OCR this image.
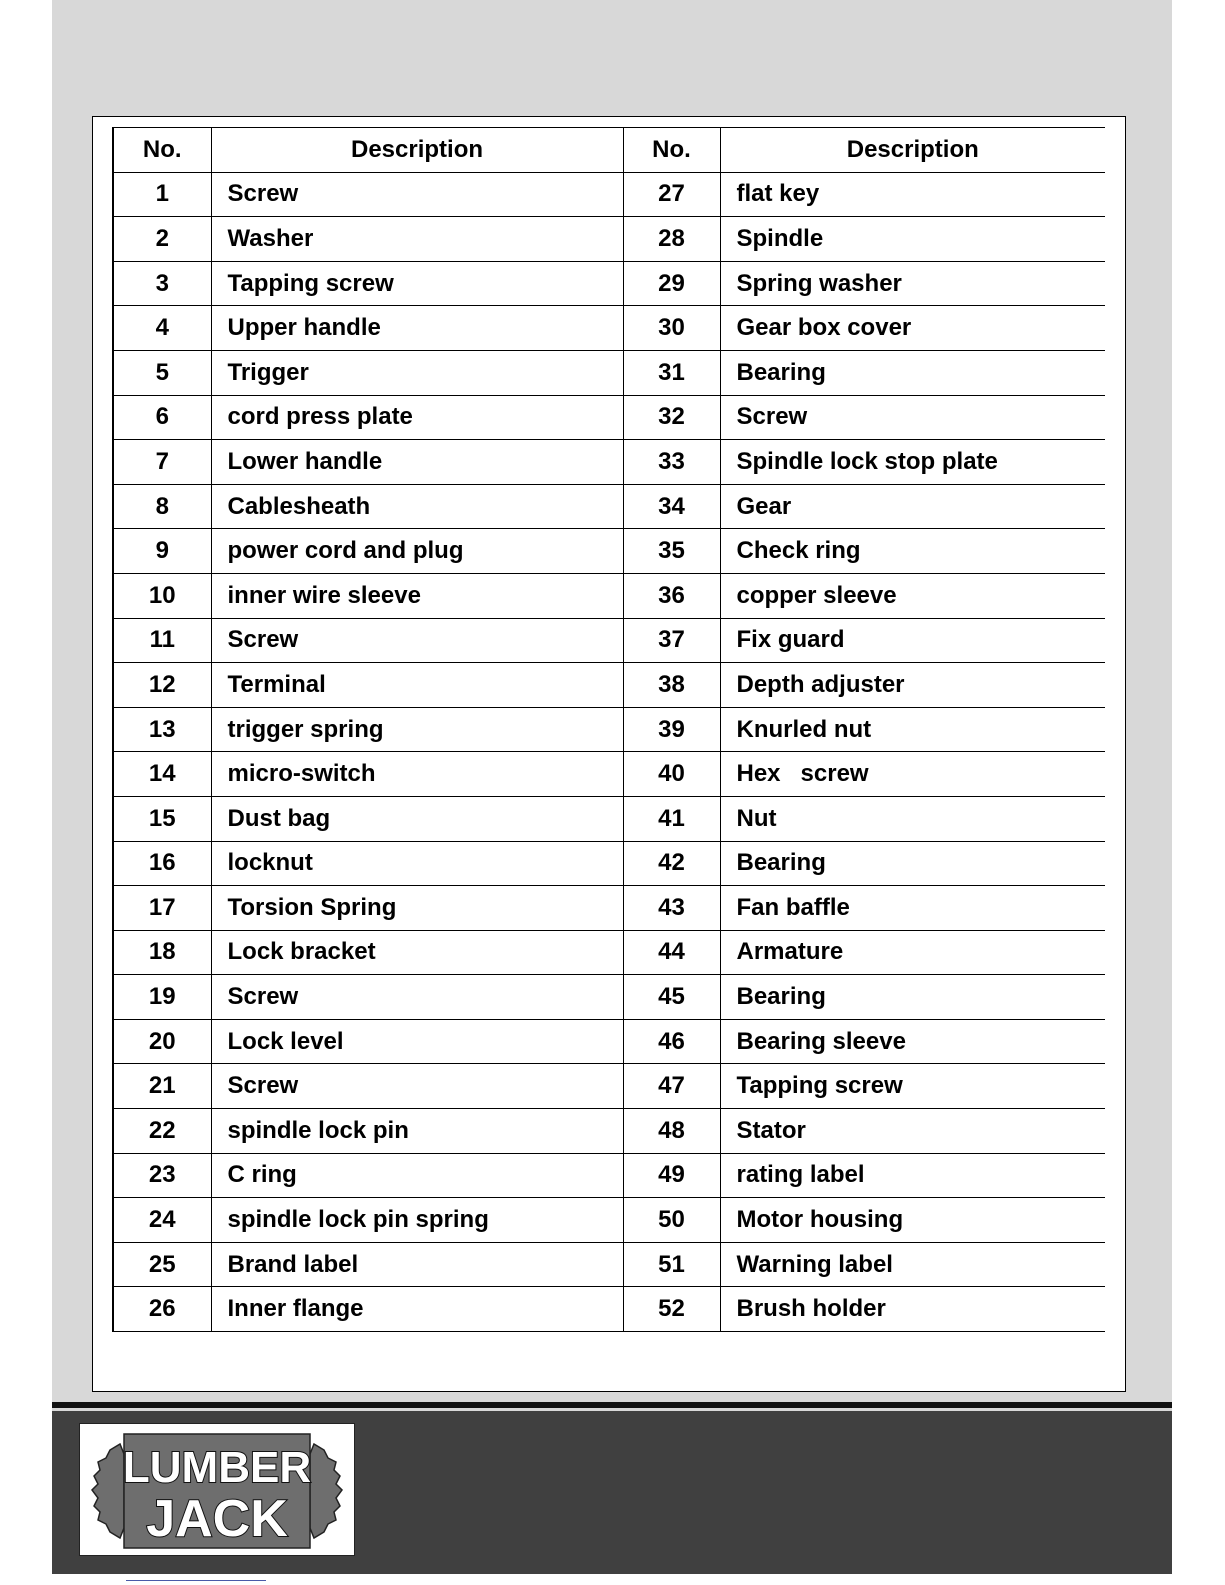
No.	Description	No.	Description
1	Screw	27	flat key
2	Washer	28	Spindle
3	Tapping screw	29	Spring washer
4	Upper handle	30	Gear box cover
5	Trigger	31	Bearing
6	cord press plate	32	Screw
7	Lower handle	33	Spindle lock stop plate
8	Cablesheath	34	Gear
9	power cord and plug	35	Check ring
10	inner wire sleeve	36	copper sleeve
11	Screw	37	Fix guard
12	Terminal	38	Depth adjuster
13	trigger spring	39	Knurled nut
14	micro-switch	40	Hex   screw
15	Dust bag	41	Nut
16	locknut	42	Bearing
17	Torsion Spring	43	Fan baffle
18	Lock bracket	44	Armature
19	Screw	45	Bearing
20	Lock level	46	Bearing sleeve
21	Screw	47	Tapping screw
22	spindle lock pin	48	Stator
23	C ring	49	rating label
24	spindle lock pin spring	50	Motor housing
25	Brand label	51	Warning label
26	Inner flange	52	Brush holder
LUMBER
JACK
